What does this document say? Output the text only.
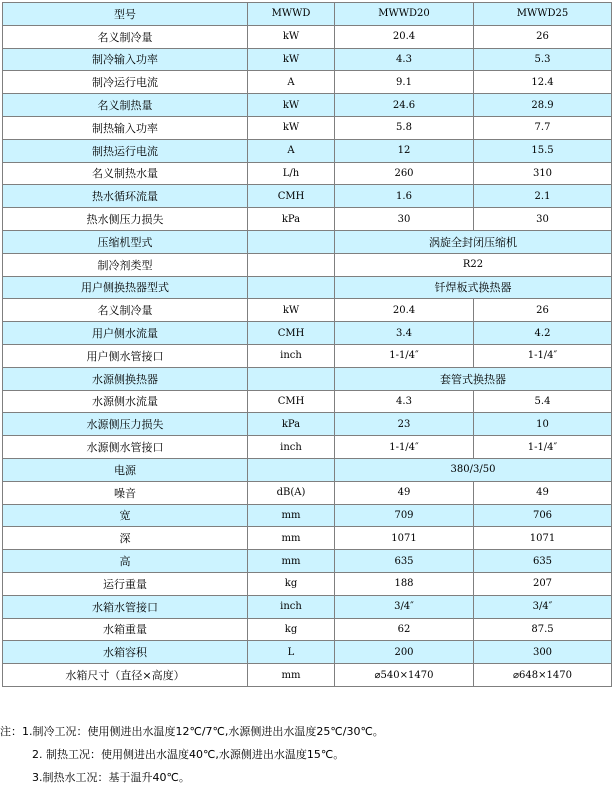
型号	MWWD	MWWD20	MWWD25
名义制冷量	kW	20.4	26
制冷输入功率	kW	4.3	5.3
制冷运行电流	A	9.1	12.4
名义制热量	kW	24.6	28.9
制热输入功率	kW	5.8	7.7
制热运行电流	A	12	15.5
名义制热水量	L/h	260	310
热水循环流量	CMH	1.6	2.1
热水侧压力损失	kPa	30	30
压缩机型式		涡旋全封闭压缩机	
制冷剂类型		R22	
用户侧换热器型式		钎焊板式换热器	
名义制冷量	kW	20.4	26
用户侧水流量	CMH	3.4	4.2
用户侧水管接口	inch	1-1/4″	1-1/4″
水源侧换热器		套管式换热器	
水源侧水流量	CMH	4.3	5.4
水源侧压力损失	kPa	23	10
水源侧水管接口	inch	1-1/4″	1-1/4″
电源		380/3/50	
噪音	dB(A)	49	49
宽	mm	709	706
深	mm	1071	1071
高	mm	635	635
运行重量	kg	188	207
水箱水管接口	inch	3/4″	3/4″
水箱重量	kg	62	87.5
水箱容积	L	200	300
水箱尺寸（直径×高度）	mm	⌀540×1470	⌀648×1470
注：1.制冷工况：使用侧进出水温度12℃/7℃,水源侧进出水温度25℃/30℃。
2. 制热工况：使用侧进出水温度40℃,水源侧进出水温度15℃。
3.制热水工况：基于温升40℃。
